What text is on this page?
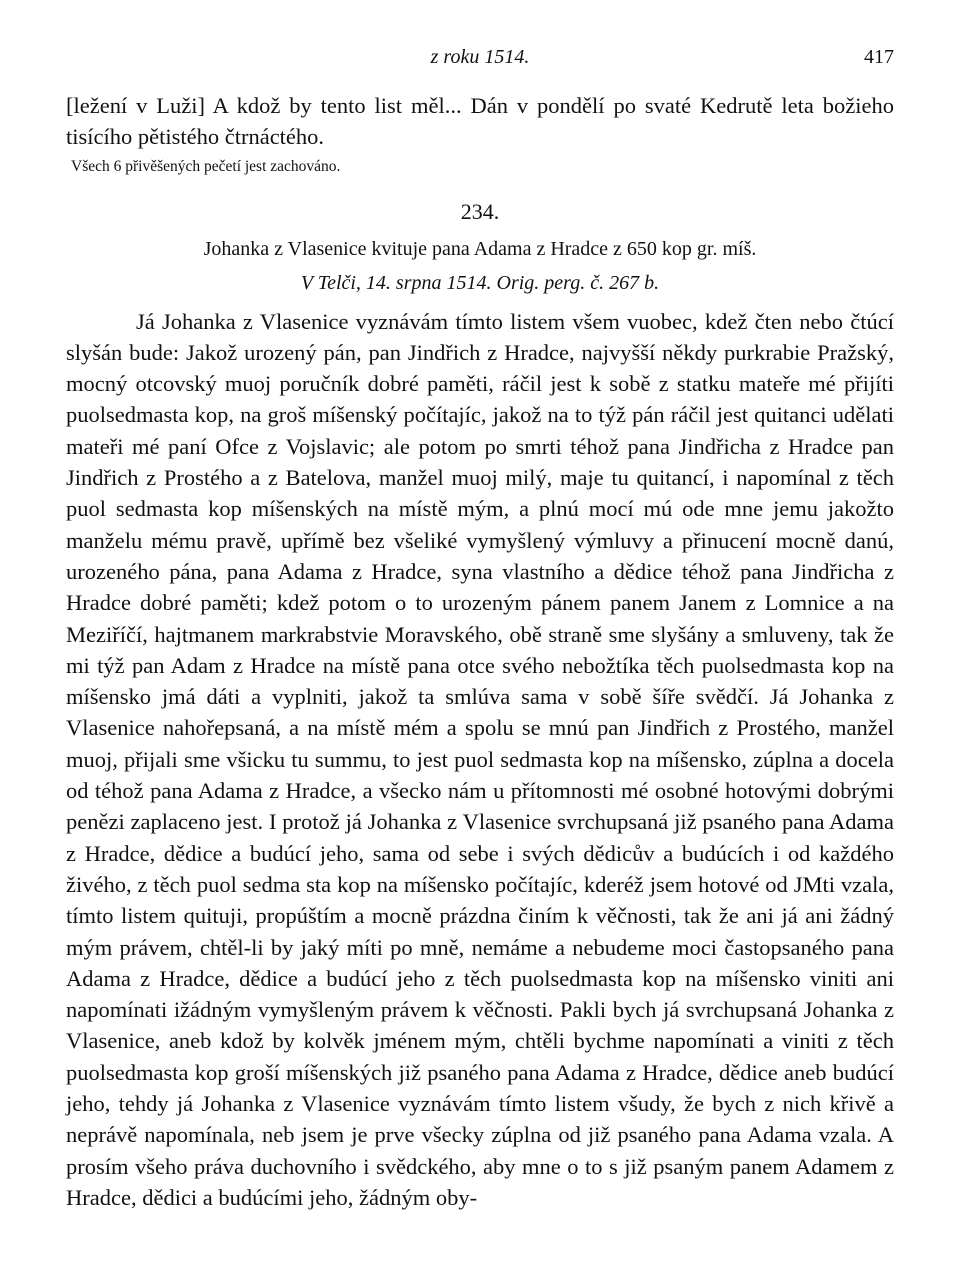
z roku 1514.	417

[ležení v Luži] A kdož by tento list měl... Dán v pondělí po svaté Kedrutě leta božieho tisícího pětistého čtrnáctého.

Všech 6 přivěšených pečetí jest zachováno.

234.
Johanka z Vlasenice kvituje pana Adama z Hradce z 650 kop gr. míš.
V Telči, 14. srpna 1514. Orig. perg. č. 267 b.

Já Johanka z Vlasenice vyznávám tímto listem všem vuobec, kdež čten nebo čtúcí slyšán bude: Jakož urozený pán, pan Jindřich z Hradce, najvyšší někdy purkrabie Pražský, mocný otcovský muoj poručník dobré paměti, ráčil jest k sobě z statku mateře mé přijíti puolsedmasta kop, na groš míšenský počítajíc, jakož na to týž pán ráčil jest quitanci udělati mateři mé paní Ofce z Vojslavic; ale potom po smrti téhož pana Jindřicha z Hradce pan Jindřich z Prostého a z Batelova, manžel muoj milý, maje tu quitancí, i napomínal z těch puol sedmasta kop míšenských na místě mým, a plnú mocí mú ode mne jemu jakožto manželu mému pravě, upřímě bez všeliké vymyšlený výmluvy a přinucení mocně danú, urozeného pána, pana Adama z Hradce, syna vlastního a dědice téhož pana Jindřicha z Hradce dobré paměti; kdež potom o to urozeným pánem panem Janem z Lomnice a na Meziříčí, hajtmanem markrabstvie Moravského, obě straně sme slyšány a smluveny, tak že mi týž pan Adam z Hradce na místě pana otce svého nebožtíka těch puolsedmasta kop na míšensko jmá dáti a vyplniti, jakož ta smlúva sama v sobě šíře svědčí. Já Johanka z Vlasenice nahořepsaná, a na místě mém a spolu se mnú pan Jindřich z Prostého, manžel muoj, přijali sme všicku tu summu, to jest puol sedmasta kop na míšensko, zúplna a docela od téhož pana Adama z Hradce, a všecko nám u přítomnosti mé osobné hotovými dobrými penězi zaplaceno jest. I protož já Johanka z Vlasenice svrchupsaná již psaného pana Adama z Hradce, dědice a budúcí jeho, sama od sebe i svých dědicův a budúcích i od každého živého, z těch puol sedma sta kop na míšensko počítajíc, kderéž jsem hotové od JMti vzala, tímto listem quituji, propúštím a mocně prázdna činím k věčnosti, tak že ani já ani žádný mým právem, chtěl-li by jaký míti po mně, nemáme a nebudeme moci častopsaného pana Adama z Hradce, dědice a budúcí jeho z těch puolsedmasta kop na míšensko viniti ani napomínati ižádným vymyšleným právem k věčnosti. Pakli bych já svrchupsaná Johanka z Vlasenice, aneb kdož by kolvěk jménem mým, chtěli bychme napomínati a viniti z těch puolsedmasta kop groší míšenských již psaného pana Adama z Hradce, dědice aneb budúcí jeho, tehdy já Johanka z Vlasenice vyznávám tímto listem všudy, že bych z nich křivě a neprávě napomínala, neb jsem je prve všecky zúplna od již psaného pana Adama vzala. A prosím všeho práva duchovního i svědckého, aby mne o to s již psaným panem Adamem z Hradce, dědici a budúcími jeho, žádným oby-
